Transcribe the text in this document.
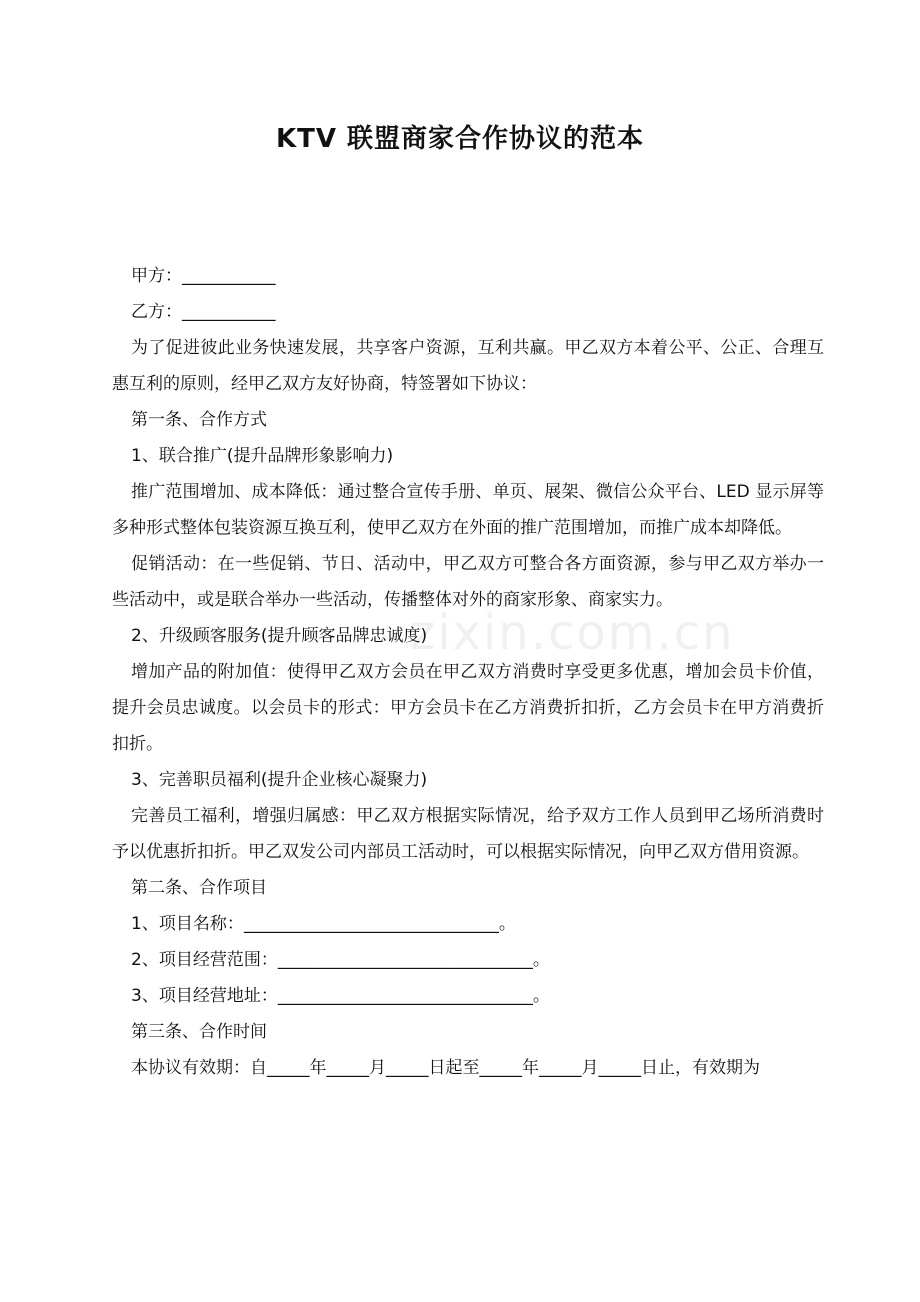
KTV 联盟商家合作协议的范本
zixin.com.cn

甲方：___________

乙方：___________

为了促进彼此业务快速发展，共享客户资源，互利共赢。甲乙双方本着公平、公正、合理互惠互利的原则，经甲乙双方友好协商，特签署如下协议：

第一条、合作方式

1、联合推广(提升品牌形象影响力)

推广范围增加、成本降低：通过整合宣传手册、单页、展架、微信公众平台、LED 显示屏等多种形式整体包装资源互换互利，使甲乙双方在外面的推广范围增加，而推广成本却降低。

促销活动：在一些促销、节日、活动中，甲乙双方可整合各方面资源，参与甲乙双方举办一些活动中，或是联合举办一些活动，传播整体对外的商家形象、商家实力。

2、升级顾客服务(提升顾客品牌忠诚度)

增加产品的附加值：使得甲乙双方会员在甲乙双方消费时享受更多优惠，增加会员卡价值，提升会员忠诚度。以会员卡的形式：甲方会员卡在乙方消费折扣折，乙方会员卡在甲方消费折扣折。

3、完善职员福利(提升企业核心凝聚力)

完善员工福利，增强归属感：甲乙双方根据实际情况，给予双方工作人员到甲乙场所消费时予以优惠折扣折。甲乙双发公司内部员工活动时，可以根据实际情况，向甲乙双方借用资源。

第二条、合作项目

1、项目名称：______________________________。

2、项目经营范围：______________________________。

3、项目经营地址：______________________________。

第三条、合作时间

本协议有效期：自_____年_____月_____日起至_____年_____月_____日止，有效期为
